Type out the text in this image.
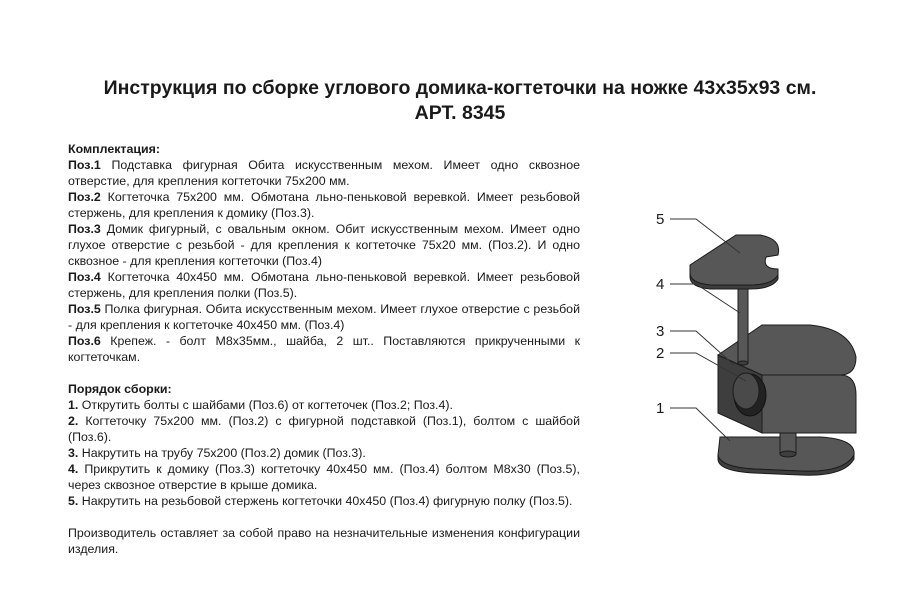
Инструкция по сборке углового домика-когтеточки на ножке 43х35х93 см.
АРТ. 8345

Комплектация:

Поз.1 Подставка фигурная Обита искусственным мехом. Имеет одно сквозное отверстие, для крепления когтеточки 75х200 мм.

Поз.2 Когтеточка 75х200 мм. Обмотана льно-пеньковой веревкой. Имеет резьбовой стержень, для крепления к домику (Поз.3).

Поз.3 Домик фигурный, с овальным окном. Обит искусственным мехом. Имеет одно глухое отверстие с резьбой - для крепления к когтеточке 75х20 мм. (Поз.2). И одно сквозное - для крепления когтеточки (Поз.4)

Поз.4 Когтеточка 40х450 мм. Обмотана льно-пеньковой веревкой. Имеет резьбовой стержень, для крепления полки (Поз.5).

Поз.5 Полка фигурная. Обита искусственным мехом. Имеет глухое отверстие с резьбой - для крепления к когтеточке 40х450 мм. (Поз.4)

Поз.6 Крепеж. - болт М8х35мм., шайба, 2 шт.. Поставляются прикрученными к когтеточкам.

Порядок сборки:

1. Открутить болты с шайбами (Поз.6) от когтеточек (Поз.2; Поз.4).

2. Когтеточку 75х200 мм. (Поз.2) с фигурной подставкой (Поз.1), болтом с шайбой (Поз.6).

3. Накрутить на трубу 75х200 (Поз.2) домик (Поз.3).

4. Прикрутить к домику (Поз.3) когтеточку 40х450 мм. (Поз.4) болтом М8х30 (Поз.5), через сквозное отверстие в крыше домика.

5. Накрутить на резьбовой стержень когтеточки 40х450 (Поз.4) фигурную полку (Поз.5).

Производитель оставляет за собой право на незначительные изменения конфигурации изделия.

5
4
3
2
1
